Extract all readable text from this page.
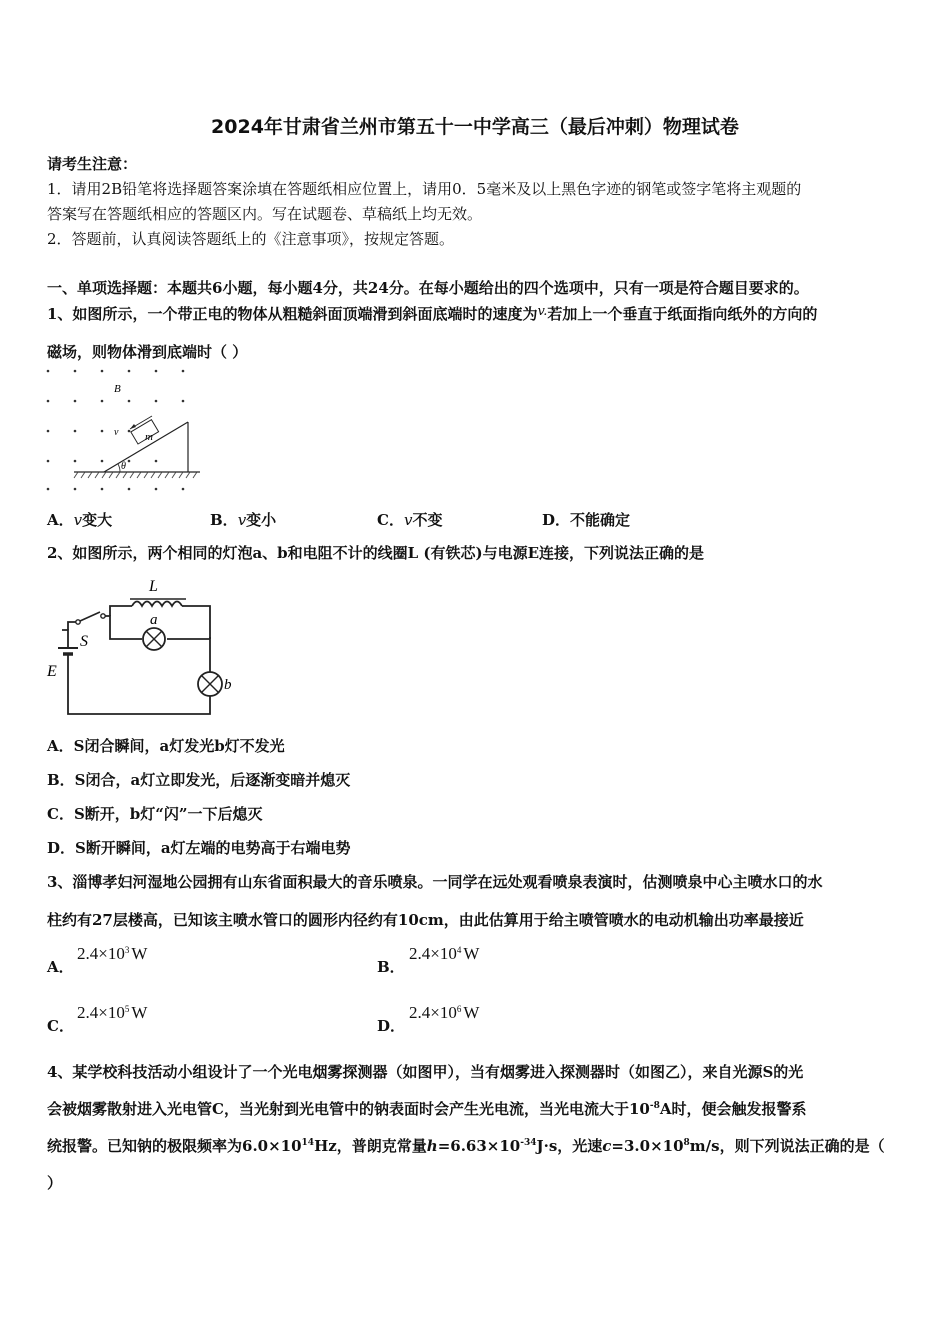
2024年甘肃省兰州市第五十一中学高三（最后冲刺）物理试卷
请考生注意：
1．请用2B铅笔将选择题答案涂填在答题纸相应位置上，请用0．5毫米及以上黑色字迹的钢笔或签字笔将主观题的
答案写在答题纸相应的答题区内。写在试题卷、草稿纸上均无效。
2．答题前，认真阅读答题纸上的《注意事项》，按规定答题。
一、单项选择题：本题共6小题，每小题4分，共24分。在每小题给出的四个选项中，只有一项是符合题目要求的。
1、如图所示，一个带正电的物体从粗糙斜面顶端滑到斜面底端时的速度为v.若加上一个垂直于纸面指向纸外的方向的
磁场，则物体滑到底端时（ ）
B
θ
m
v
A．v变大	B．v变小	C．v不变	D．不能确定
2、如图所示，两个相同的灯泡a、b和电阻不计的线圈L (有铁芯)与电源E连接，下列说法正确的是
E
S
L
a
b
A．S闭合瞬间，a灯发光b灯不发光
B．S闭合，a灯立即发光，后逐渐变暗并熄灭
C．S断开，b灯“闪”一下后熄灭
D．S断开瞬间，a灯左端的电势高于右端电势
3、淄博孝妇河湿地公园拥有山东省面积最大的音乐喷泉。一同学在远处观看喷泉表演时，估测喷泉中心主喷水口的水
柱约有27层楼高，已知该主喷水管口的圆形内径约有10cm，由此估算用于给主喷管喷水的电动机输出功率最接近
A．
$2.4\times 10^3$ W
B．
$2.4\times 10^4$ W
C．
$2.4\times 10^5$ W
D．
$2.4\times 10^6$ W
4、某学校科技活动小组设计了一个光电烟雾探测器（如图甲），当有烟雾进入探测器时（如图乙），来自光源S的光
会被烟雾散射进入光电管C，当光射到光电管中的钠表面时会产生光电流，当光电流大于$10^{-8}A$时，便会触发报警系
统报警。已知钠的极限频率为$6.0\times 10^{14}Hz$，普朗克常量$h=6.63\times 10^{-34}J\cdot s$，光速$c=3.0\times 10^8m/s$，则下列说法正确的是（
）
